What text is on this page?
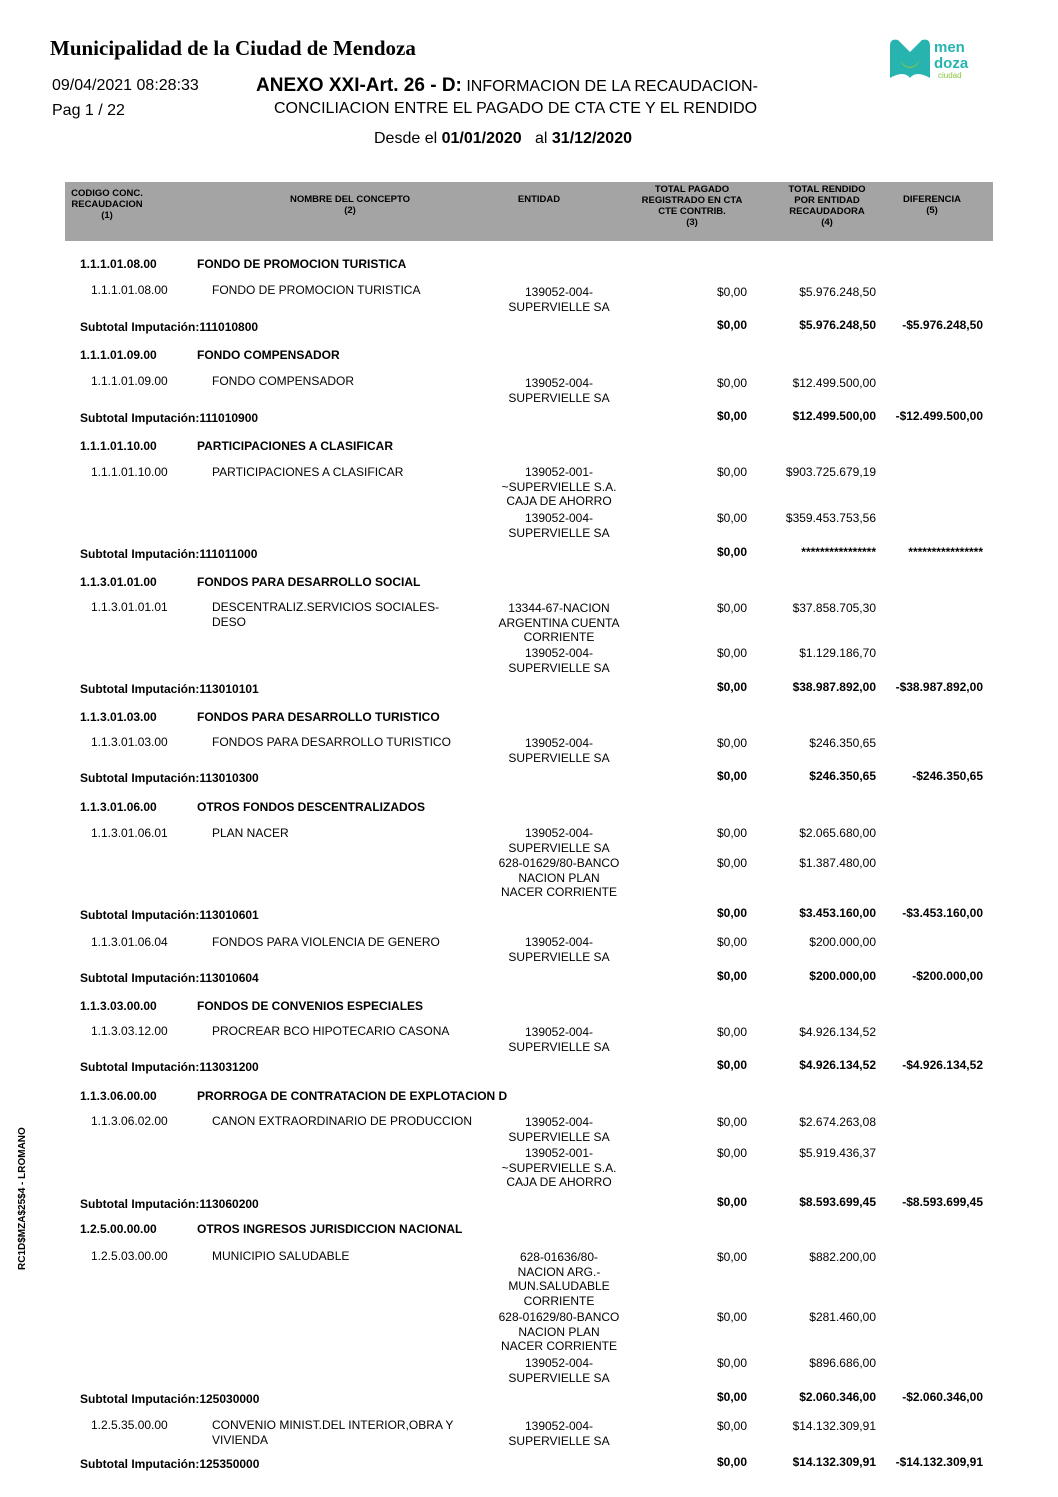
Municipalidad de la Ciudad de Mendoza
09/04/2021 08:28:33
Pag 1 / 22
ANEXO XXI-Art. 26 - D: INFORMACION DE LA RECAUDACION-
CONCILIACION ENTRE EL PAGADO DE CTA CTE Y EL RENDIDO
Desde el 01/01/2020   al 31/12/2020
men
doza
ciudad
CODIGO CONC.
RECAUDACION
(1)
NOMBRE DEL CONCEPTO
(2)
ENTIDAD
TOTAL PAGADO
REGISTRADO EN CTA
CTE CONTRIB.
(3)
TOTAL RENDIDO
POR ENTIDAD
RECAUDADORA
(4)
DIFERENCIA
(5)
1.1.1.01.08.00	FONDO DE PROMOCION TURISTICA
1.1.1.01.08.00	FONDO DE PROMOCION TURISTICA	139052-004-
SUPERVIELLE SA
$0,00	$5.976.248,50
Subtotal Imputación:111010800	$0,00	$5.976.248,50 -$5.976.248,50
1.1.1.01.09.00	FONDO COMPENSADOR
1.1.1.01.09.00	FONDO COMPENSADOR	139052-004-
SUPERVIELLE SA
$0,00	$12.499.500,00
Subtotal Imputación:111010900	$0,00	$12.499.500,00 -$12.499.500,00
1.1.1.01.10.00	PARTICIPACIONES A CLASIFICAR
1.1.1.01.10.00	PARTICIPACIONES A CLASIFICAR	139052-001-
~SUPERVIELLE S.A.
CAJA DE AHORRO
$0,00	$903.725.679,19
139052-004-
SUPERVIELLE SA
$0,00	$359.453.753,56
Subtotal Imputación:111011000	$0,00	****************	****************
1.1.3.01.01.00	FONDOS PARA DESARROLLO SOCIAL
1.1.3.01.01.01	DESCENTRALIZ.SERVICIOS SOCIALES-
DESO
13344-67-NACION
ARGENTINA CUENTA
CORRIENTE
$0,00	$37.858.705,30
139052-004-
SUPERVIELLE SA
$0,00	$1.129.186,70
Subtotal Imputación:113010101	$0,00	$38.987.892,00 -$38.987.892,00
1.1.3.01.03.00	FONDOS PARA DESARROLLO TURISTICO
1.1.3.01.03.00	FONDOS PARA DESARROLLO TURISTICO	139052-004-
SUPERVIELLE SA
$0,00	$246.350,65
Subtotal Imputación:113010300	$0,00	$246.350,65	-$246.350,65
1.1.3.01.06.00	OTROS FONDOS DESCENTRALIZADOS
1.1.3.01.06.01	PLAN NACER	139052-004-
SUPERVIELLE SA
$0,00	$2.065.680,00
628-01629/80-BANCO
NACION PLAN
NACER CORRIENTE
$0,00	$1.387.480,00
Subtotal Imputación:113010601	$0,00	$3.453.160,00 -$3.453.160,00
1.1.3.01.06.04	FONDOS PARA VIOLENCIA DE GENERO	139052-004-
SUPERVIELLE SA
$0,00	$200.000,00
Subtotal Imputación:113010604	$0,00	$200.000,00	-$200.000,00
1.1.3.03.00.00	FONDOS DE CONVENIOS ESPECIALES
1.1.3.03.12.00	PROCREAR BCO HIPOTECARIO CASONA	139052-004-
SUPERVIELLE SA
$0,00	$4.926.134,52
Subtotal Imputación:113031200	$0,00	$4.926.134,52 -$4.926.134,52
1.1.3.06.00.00	PRORROGA DE CONTRATACION DE EXPLOTACION D
1.1.3.06.02.00	CANON EXTRAORDINARIO DE PRODUCCION	139052-004-
SUPERVIELLE SA
$0,00	$2.674.263,08
139052-001-
~SUPERVIELLE S.A.
CAJA DE AHORRO
$0,00	$5.919.436,37
Subtotal Imputación:113060200	$0,00	$8.593.699,45 -$8.593.699,45
1.2.5.00.00.00	OTROS INGRESOS JURISDICCION NACIONAL
1.2.5.03.00.00	MUNICIPIO SALUDABLE	628-01636/80-
NACION ARG.-
MUN.SALUDABLE
CORRIENTE
$0,00	$882.200,00
628-01629/80-BANCO
NACION PLAN
NACER CORRIENTE
$0,00	$281.460,00
139052-004-
SUPERVIELLE SA
$0,00	$896.686,00
Subtotal Imputación:125030000	$0,00	$2.060.346,00 -$2.060.346,00
1.2.5.35.00.00	CONVENIO MINIST.DEL INTERIOR,OBRA Y
VIVIENDA
139052-004-
SUPERVIELLE SA
$0,00	$14.132.309,91
Subtotal Imputación:125350000	$0,00	$14.132.309,91 -$14.132.309,91
RC1D$MZA$25$4 - LROMANO
